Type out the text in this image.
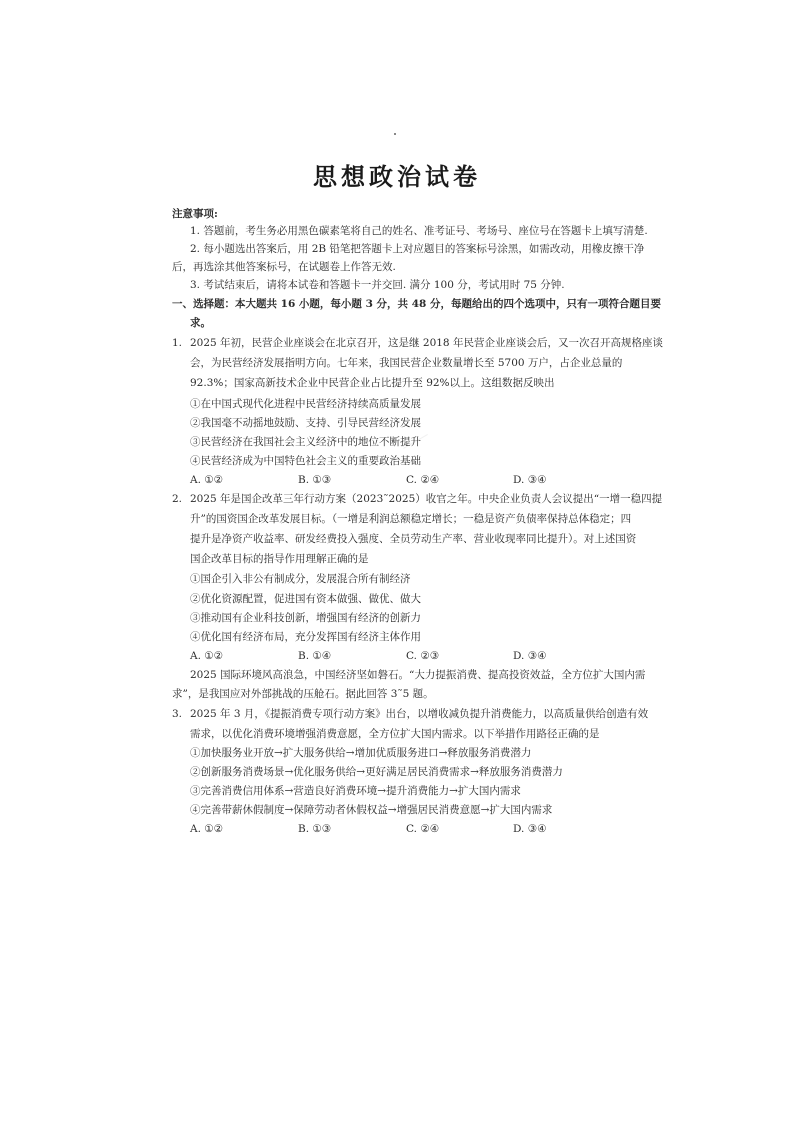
思想政治试卷
注意事项:
1. 答题前，考生务必用黑色碳素笔将自己的姓名、准考证号、考场号、座位号在答题卡上填写清楚.
2. 每小题选出答案后，用 2B 铅笔把答题卡上对应题目的答案标号涂黑，如需改动，用橡皮擦干净
后，再选涂其他答案标号，在试题卷上作答无效.
3. 考试结束后，请将本试卷和答题卡一并交回. 满分 100 分，考试用时 75 分钟.
一、选择题：本大题共 16 小题，每小题 3 分，共 48 分，每题给出的四个选项中，只有一项符合题目要
求。
1. 2025 年初，民营企业座谈会在北京召开，这是继 2018 年民营企业座谈会后，又一次召开高规格座谈
会，为民营经济发展指明方向。七年来，我国民营企业数量增长至 5700 万户，占企业总量的
92.3%；国家高新技术企业中民营企业占比提升至 92%以上。这组数据反映出
①在中国式现代化进程中民营经济持续高质量发展
②我国毫不动摇地鼓励、支持、引导民营经济发展
③民营经济在我国社会主义经济中的地位不断提升
④民营经济成为中国特色社会主义的重要政治基础
A. ①②	B. ①③	C. ②④	D. ③④
2. 2025 年是国企改革三年行动方案（2023˜2025）收官之年。中央企业负责人会议提出“一增一稳四提
升”的国资国企改革发展目标。（一增是利润总额稳定增长；一稳是资产负债率保持总体稳定；四
提升是净资产收益率、研发经费投入强度、全员劳动生产率、营业收现率同比提升）。对上述国资
国企改革目标的指导作用理解正确的是
①国企引入非公有制成分，发展混合所有制经济
②优化资源配置，促进国有资本做强、做优、做大
③推动国有企业科技创新，增强国有经济的创新力
④优化国有经济布局，充分发挥国有经济主体作用
A. ①②	B. ①④	C. ②③	D. ③④
2025 国际环境风高浪急，中国经济坚如磐石。“大力提振消费、提高投资效益，全方位扩大国内需
求”，是我国应对外部挑战的压舱石。据此回答 3˜5 题。
3. 2025 年 3 月，《提振消费专项行动方案》出台，以增收减负提升消费能力，以高质量供给创造有效
需求，以优化消费环境增强消费意愿，全方位扩大国内需求。以下举措作用路径正确的是
①加快服务业开放→扩大服务供给→增加优质服务进口→释放服务消费潜力
②创新服务消费场景→优化服务供给→更好满足居民消费需求→释放服务消费潜力
③完善消费信用体系→营造良好消费环境→提升消费能力→扩大国内需求
④完善带薪休假制度→保障劳动者休假权益→增强居民消费意愿→扩大国内需求
A. ①②	B. ①③	C. ②④	D. ③④
